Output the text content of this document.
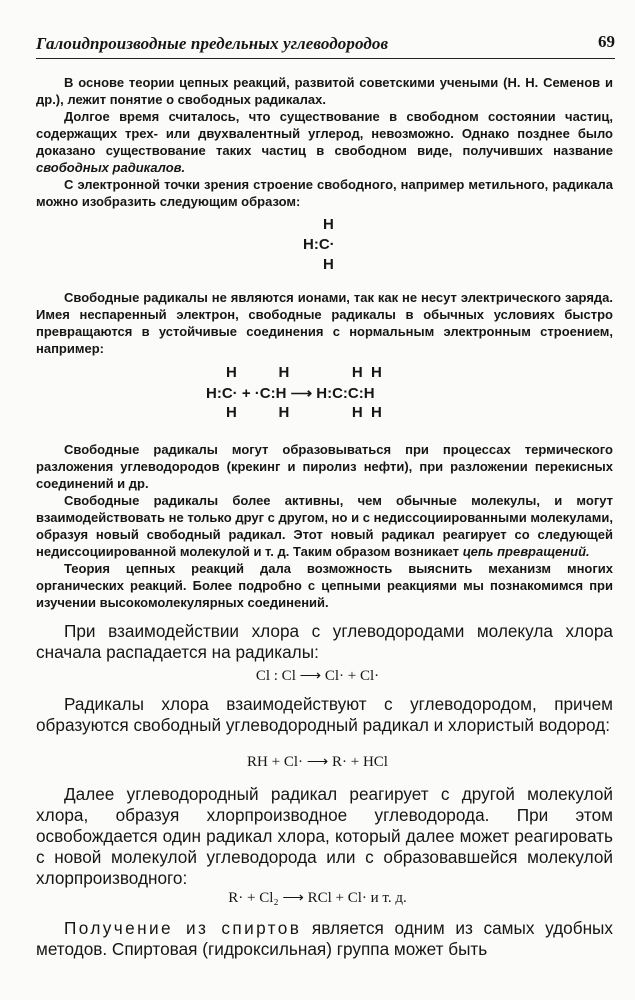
Галоидпроизводные предельных углеводородов	69

В основе теории цепных реакций, развитой советскими учеными (Н. Н. Семенов и др.), лежит понятие о свободных радикалах.

Долгое время считалось, что существование в свободном состоянии частиц, содержащих трех- или двухвалентный углерод, невозможно. Однако позднее было доказано существование таких частиц в свободном виде, получивших название свободных радикалов.

С электронной точки зрения строение свободного, например метильного, радикала можно изобразить следующим образом:

H
H:C·
H

Свободные радикалы не являются ионами, так как не несут электрического заряда. Имея неспаренный электрон, свободные радикалы в обычных условиях быстро превращаются в устойчивые соединения с нормальным электронным строением, например:

H          H               H  H
H:C· + ·C:H ⟶ H:C:C:H
H          H               H  H

Свободные радикалы могут образовываться при процессах термического разложения углеводородов (крекинг и пиролиз нефти), при разложении перекисных соединений и др.

Свободные радикалы более активны, чем обычные молекулы, и могут взаимодействовать не только друг с другом, но и с недиссоциированными молекулами, образуя новый свободный радикал. Этот новый радикал реагирует со следующей недиссоциированной молекулой и т. д. Таким образом возникает цепь превращений.

Теория цепных реакций дала возможность выяснить механизм многих органических реакций. Более подробно с цепными реакциями мы познакомимся при изучении высокомолекулярных соединений.

При взаимодействии хлора с углеводородами молекула хлора сначала распадается на радикалы:

Cl : Cl ⟶ Cl· + Cl·

Радикалы хлора взаимодействуют с углеводородом, причем образуются свободный углеводородный радикал и хлористый водород:

RH + Cl· ⟶ R· + HCl

Далее углеводородный радикал реагирует с другой молекулой хлора, образуя хлорпроизводное углеводорода. При этом освобождается один радикал хлора, который далее может реагировать с новой молекулой углеводорода или с образовавшейся молекулой хлорпроизводного:

R· + Cl₂ ⟶ RCl + Cl· и т. д.

Получение из спиртов является одним из самых удобных методов. Спиртовая (гидроксильная) группа может быть
